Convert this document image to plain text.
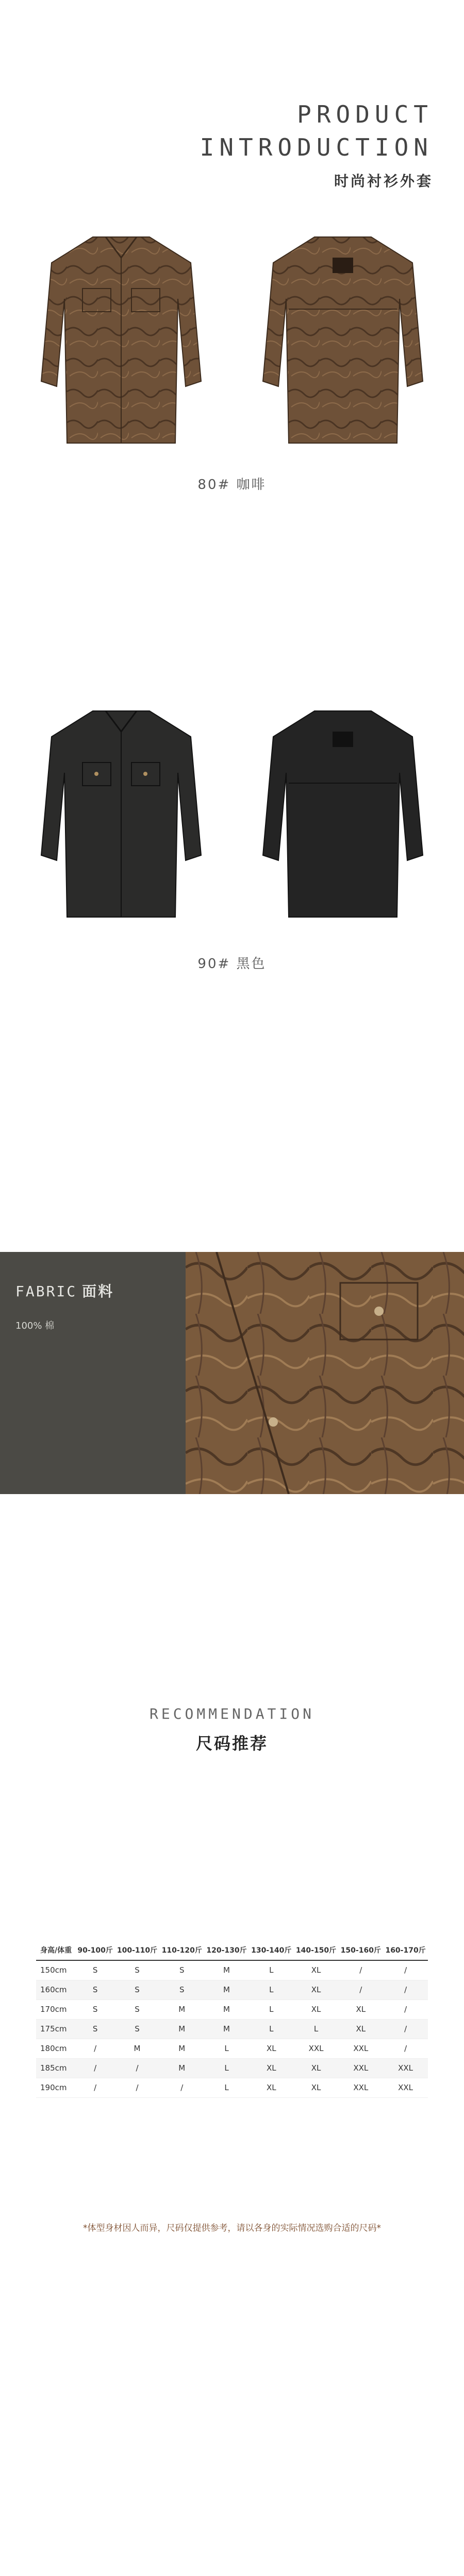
PRODUCT
INTRODUCTION
时尚衬衫外套
80# 咖啡
90# 黑色
FABRIC 面料
100% 棉
RECOMMENDATION
尺码推荐
身高/体重	90-100斤	100-110斤	110-120斤	120-130斤	130-140斤	140-150斤	150-160斤	160-170斤
150cm	S	S	S	M	L	XL	/	/
160cm	S	S	S	M	L	XL	/	/
170cm	S	S	M	M	L	XL	XL	/
175cm	S	S	M	M	L	L	XL	/
180cm	/	M	M	L	XL	XXL	XXL	/
185cm	/	/	M	L	XL	XL	XXL	XXL
190cm	/	/	/	L	XL	XL	XXL	XXL
*体型身材因人而异，尺码仅提供参考，请以各身的实际情况选购合适的尺码*
